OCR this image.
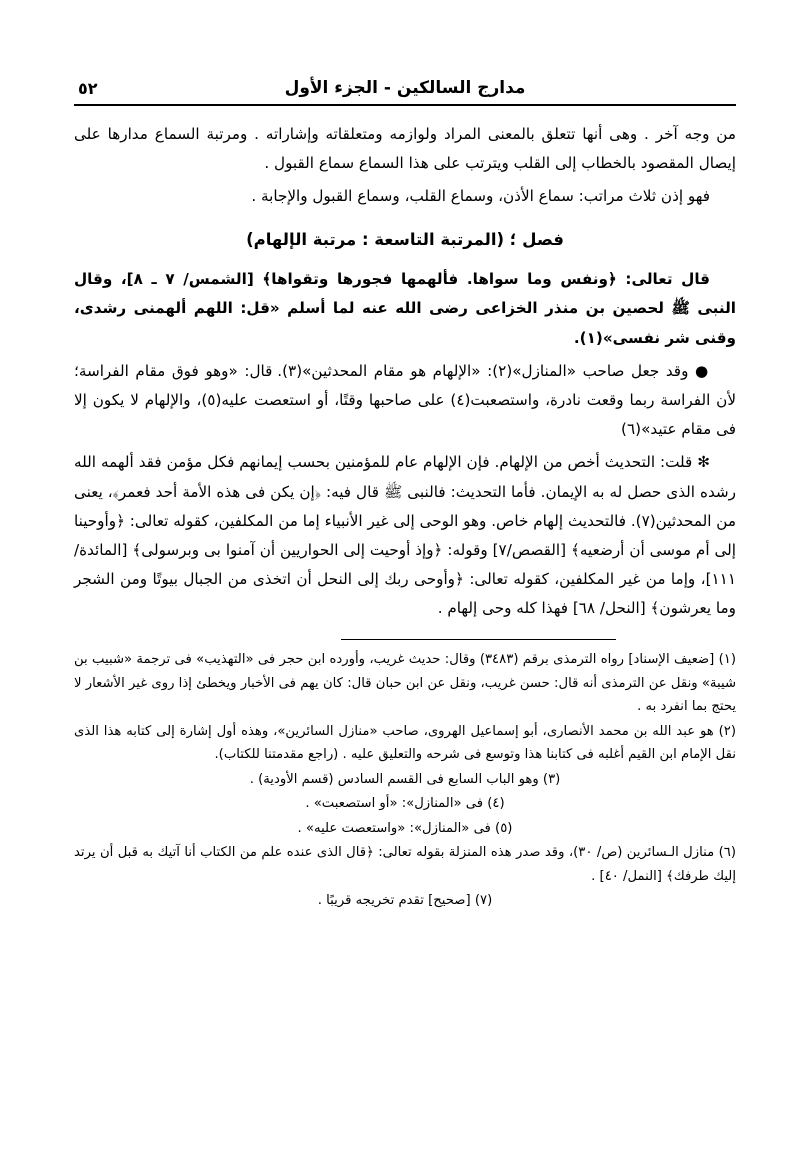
مدارج السالكين - الجزء الأول
٥٢

من وجه آخر . وهى أنها تتعلق بالمعنى المراد ولوازمه ومتعلقاته وإشاراته . ومرتبة السماع مدارها على إيصال المقصود بالخطاب إلى القلب ويترتب على هذا السماع سماع القبول .

فهو إذن ثلاث مراتب: سماع الأذن، وسماع القلب، وسماع القبول والإجابة .

فصل ؛ (المرتبة التاسعة : مرتبة الإلهام)

قال تعالى: ﴿ونفس وما سواها. فألهمها فجورها وتقواها﴾ [الشمس/ ٧ ـ ٨]، وقال النبى ﷺ لحصين بن منذر الخزاعى رضى الله عنه لما أسلم «قل: اللهم ألهمنى رشدى، وقنى شر نفسى»(١).

● وقد جعل صاحب «المنازل»(٢): «الإلهام هو مقام المحدثين»(٣). قال: «وهو فوق مقام الفراسة؛ لأن الفراسة ربما وقعت نادرة، واستصعبت(٤) على صاحبها وقتًا، أو استعصت عليه(٥)، والإلهام لا يكون إلا فى مقام عتيد»(٦)

✻ قلت: التحديث أخص من الإلهام. فإن الإلهام عام للمؤمنين بحسب إيمانهم فكل مؤمن فقد ألهمه الله رشده الذى حصل له به الإيمان. فأما التحديث: فالنبى ﷺ قال فيه: ﴿إن يكن فى هذه الأمة أحد فعمر﴾، يعنى من المحدثين(٧). فالتحديث إلهام خاص. وهو الوحى إلى غير الأنبياء إما من المكلفين، كقوله تعالى: ﴿وأوحينا إلى أم موسى أن أرضعيه﴾ [القصص/٧] وقوله: ﴿وإذ أوحيت إلى الحواريين أن آمنوا بى وبرسولى﴾ [المائدة/ ١١١]، وإما من غير المكلفين، كقوله تعالى: ﴿وأوحى ربك إلى النحل أن اتخذى من الجبال بيوتًا ومن الشجر وما يعرشون﴾ [النحل/ ٦٨] فهذا كله وحى إلهام .

(١) [ضعيف الإسناد] رواه الترمذى برقم (٣٤٨٣) وقال: حديث غريب، وأورده ابن حجر فى «التهذيب» فى ترجمة «شبيب بن شيبة» ونقل عن الترمذى أنه قال: حسن غريب، ونقل عن ابن حبان قال: كان يهم فى الأخبار ويخطئ إذا روى غير الأشعار لا يحتج بما انفرد به .

(٢) هو عبد الله بن محمد الأنصارى، أبو إسماعيل الهروى، صاحب «منازل السائرين»، وهذه أول إشارة إلى كتابه هذا الذى نقل الإمام ابن القيم أغلبه فى كتابنا هذا وتوسع فى شرحه والتعليق عليه . (راجع مقدمتنا للكتاب).

(٣) وهو الباب السابع فى القسم السادس (قسم الأودية) .

(٤) فى «المنازل»: «أو استصعبت» .

(٥) فى «المنازل»: «واستعصت عليه» .

(٦) منازل الـسائرين (ص/ ٣٠)، وقد صدر هذه المنزلة بقوله تعالى: ﴿قال الذى عنده علم من الكتاب أنا آتيك به قبل أن يرتد إليك طرفك﴾ [النمل/ ٤٠] .

(٧) [صحيح] تقدم تخريجه قريبًا .
